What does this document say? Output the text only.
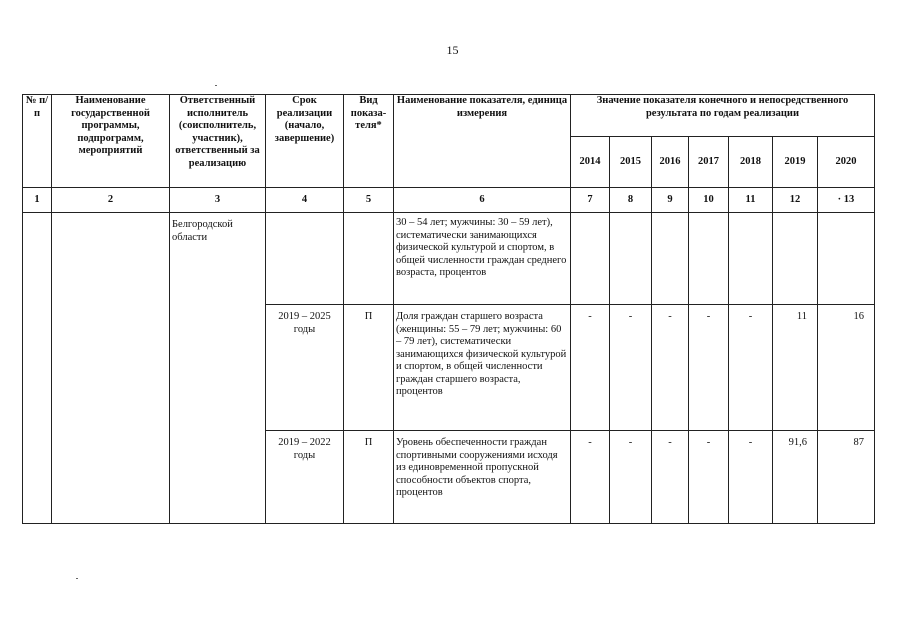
15
№ п/п	Наименование государственной программы, подпрограмм, мероприятий	Ответственный исполнитель (соисполнитель, участник), ответственный за реализацию	Срок реализации (начало, завершение)	Вид показа-теля*	Наименование показателя, единица измерения	Значение показателя конечного и непосредственного результата по годам реализации						
						2014	2015	2016	2017	2018	2019	2020
1	2	3	4	5	6	7	8	9	10	11	12	· 13
		Белгородской области			30 – 54 лет; мужчины: 30 – 59 лет), систематически занимающихся физической культурой и спортом, в общей численности граждан среднего возраста, процентов							
			2019 – 2025 годы	П	Доля граждан старшего возраста (женщины: 55 – 79 лет; мужчины: 60 – 79 лет), систематически занимающихся физической культурой и спортом, в общей численности граждан старшего возраста, процентов	-	-	-	-	-	11	16
			2019 – 2022 годы	П	Уровень обеспеченности граждан спортивными сооружениями исходя из единовременной пропускной способности объектов спорта, процентов	-	-	-	-	-	91,6	87
